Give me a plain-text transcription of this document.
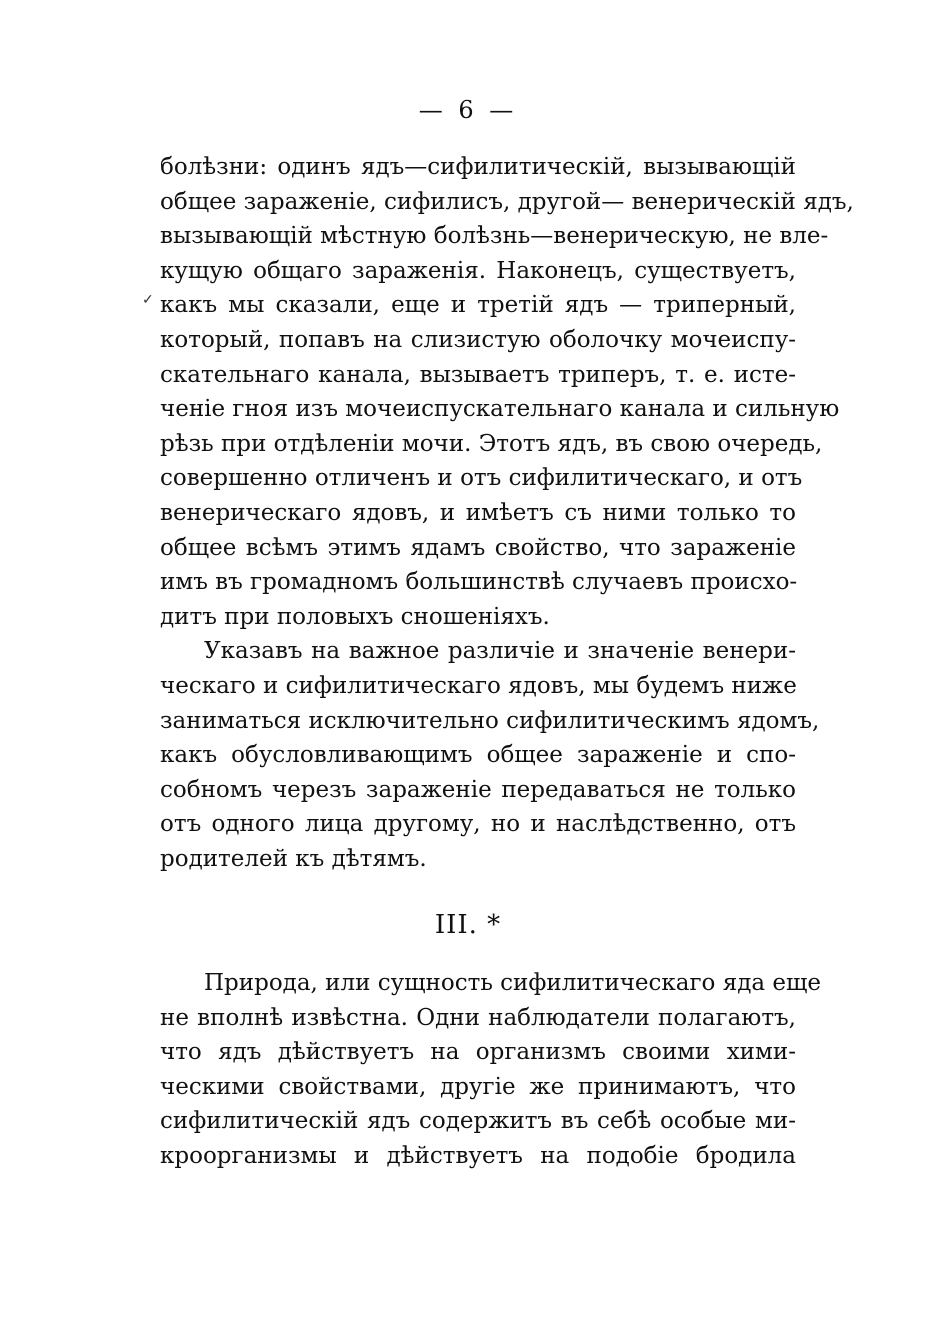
— 6 —
✓
болѣзни: одинъ ядъ—сифилитическій, вызывающій
общее зараженіе, сифилисъ, другой— венерическій ядъ,
вызывающій мѣстную болѣзнь—венерическую, не вле-
кущую общаго зараженія. Наконецъ, существуетъ,
какъ мы сказали, еще и третій ядъ — триперный,
который, попавъ на слизистую оболочку мочеиспу-
скательнаго канала, вызываетъ триперъ, т. е. исте-
ченіе гноя изъ мочеиспускательнаго канала и сильную
рѣзь при отдѣленіи мочи. Этотъ ядъ, въ свою очередь,
совершенно отличенъ и отъ сифилитическаго, и отъ
венерическаго ядовъ, и имѣетъ съ ними только то
общее всѣмъ этимъ ядамъ свойство, что зараженіе
имъ въ громадномъ большинствѣ случаевъ происхо-
дитъ при половыхъ сношеніяхъ.
Указавъ на важное различіе и значеніе венери-
ческаго и сифилитическаго ядовъ, мы будемъ ниже
заниматься исключительно сифилитическимъ ядомъ,
какъ обусловливающимъ общее зараженіе и спо-
собномъ черезъ зараженіе передаваться не только
отъ одного лица другому, но и наслѣдственно, отъ
родителей къ дѣтямъ.
III. *
Природа, или сущность сифилитическаго яда еще
не вполнѣ извѣстна. Одни наблюдатели полагаютъ,
что ядъ дѣйствуетъ на организмъ своими хими-
ческими свойствами, другіе же принимаютъ, что
сифилитическій ядъ содержитъ въ себѣ особые ми-
кроорганизмы и дѣйствуетъ на подобіе бродила
